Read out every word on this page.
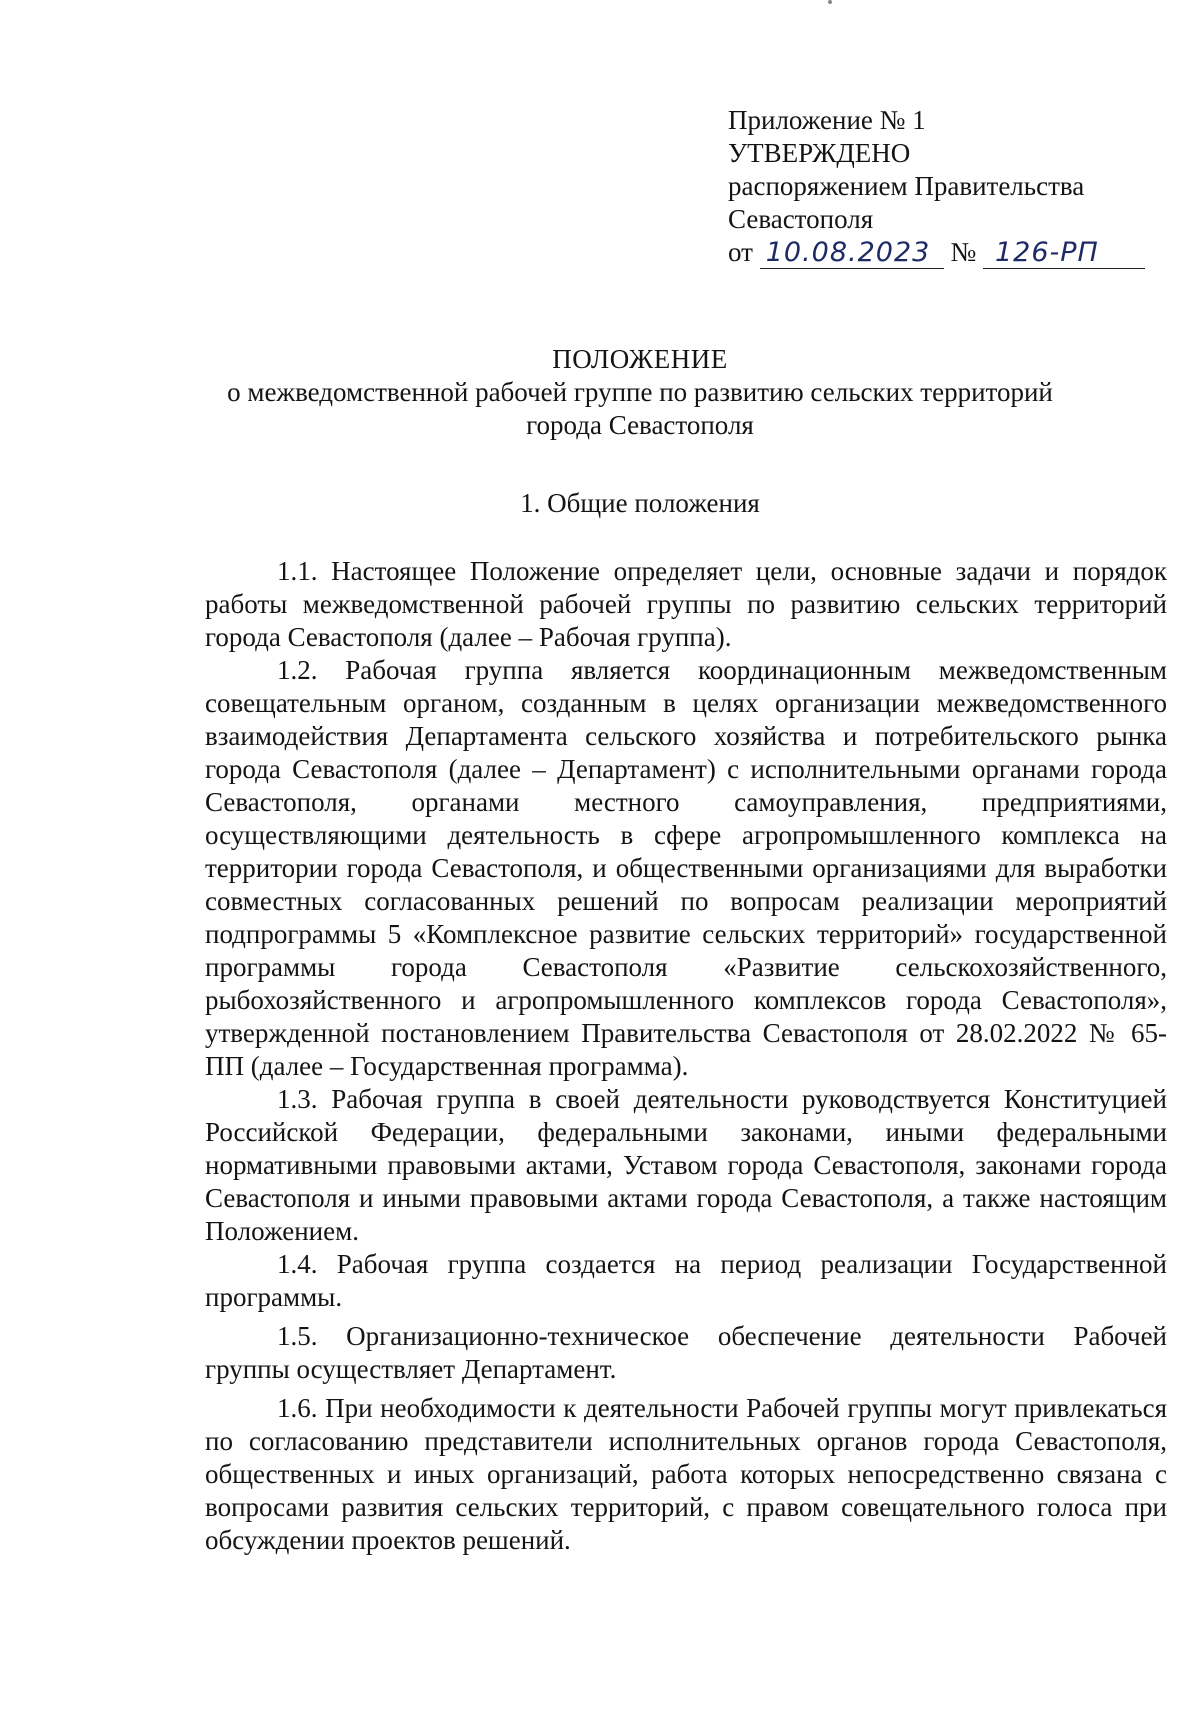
Приложение № 1
УТВЕРЖДЕНО
распоряжением Правительства
Севастополя
от 10.08.2023 № 126-РП
ПОЛОЖЕНИЕ
о межведомственной рабочей группе по развитию сельских территорий
города Севастополя
1. Общие положения

1.1. Настоящее Положение определяет цели, основные задачи и порядок работы межведомственной рабочей группы по развитию сельских территорий города Севастополя (далее – Рабочая группа).

1.2. Рабочая группа является координационным межведомственным совещательным органом, созданным в целях организации межведомственного взаимодействия Департамента сельского хозяйства и потребительского рынка города Севастополя (далее – Департамент) с исполнительными органами города Севастополя, органами местного самоуправления, предприятиями, осуществляющими деятельность в сфере агропромышленного комплекса на территории города Севастополя, и общественными организациями для выработки совместных согласованных решений по вопросам реализации мероприятий подпрограммы 5 «Комплексное развитие сельских территорий» государственной программы города Севастополя «Развитие сельскохозяйственного, рыбохозяйственного и агропромышленного комплексов города Севастополя», утвержденной постановлением Правительства Севастополя от 28.02.2022 № 65-ПП (далее – Государственная программа).

1.3. Рабочая группа в своей деятельности руководствуется Конституцией Российской Федерации, федеральными законами, иными федеральными нормативными правовыми актами, Уставом города Севастополя, законами города Севастополя и иными правовыми актами города Севастополя, а также настоящим Положением.

1.4. Рабочая группа создается на период реализации Государственной программы.

1.5. Организационно-техническое обеспечение деятельности Рабочей группы осуществляет Департамент.

1.6. При необходимости к деятельности Рабочей группы могут привлекаться по согласованию представители исполнительных органов города Севастополя, общественных и иных организаций, работа которых непосредственно связана с вопросами развития сельских территорий, с правом совещательного голоса при обсуждении проектов решений.
